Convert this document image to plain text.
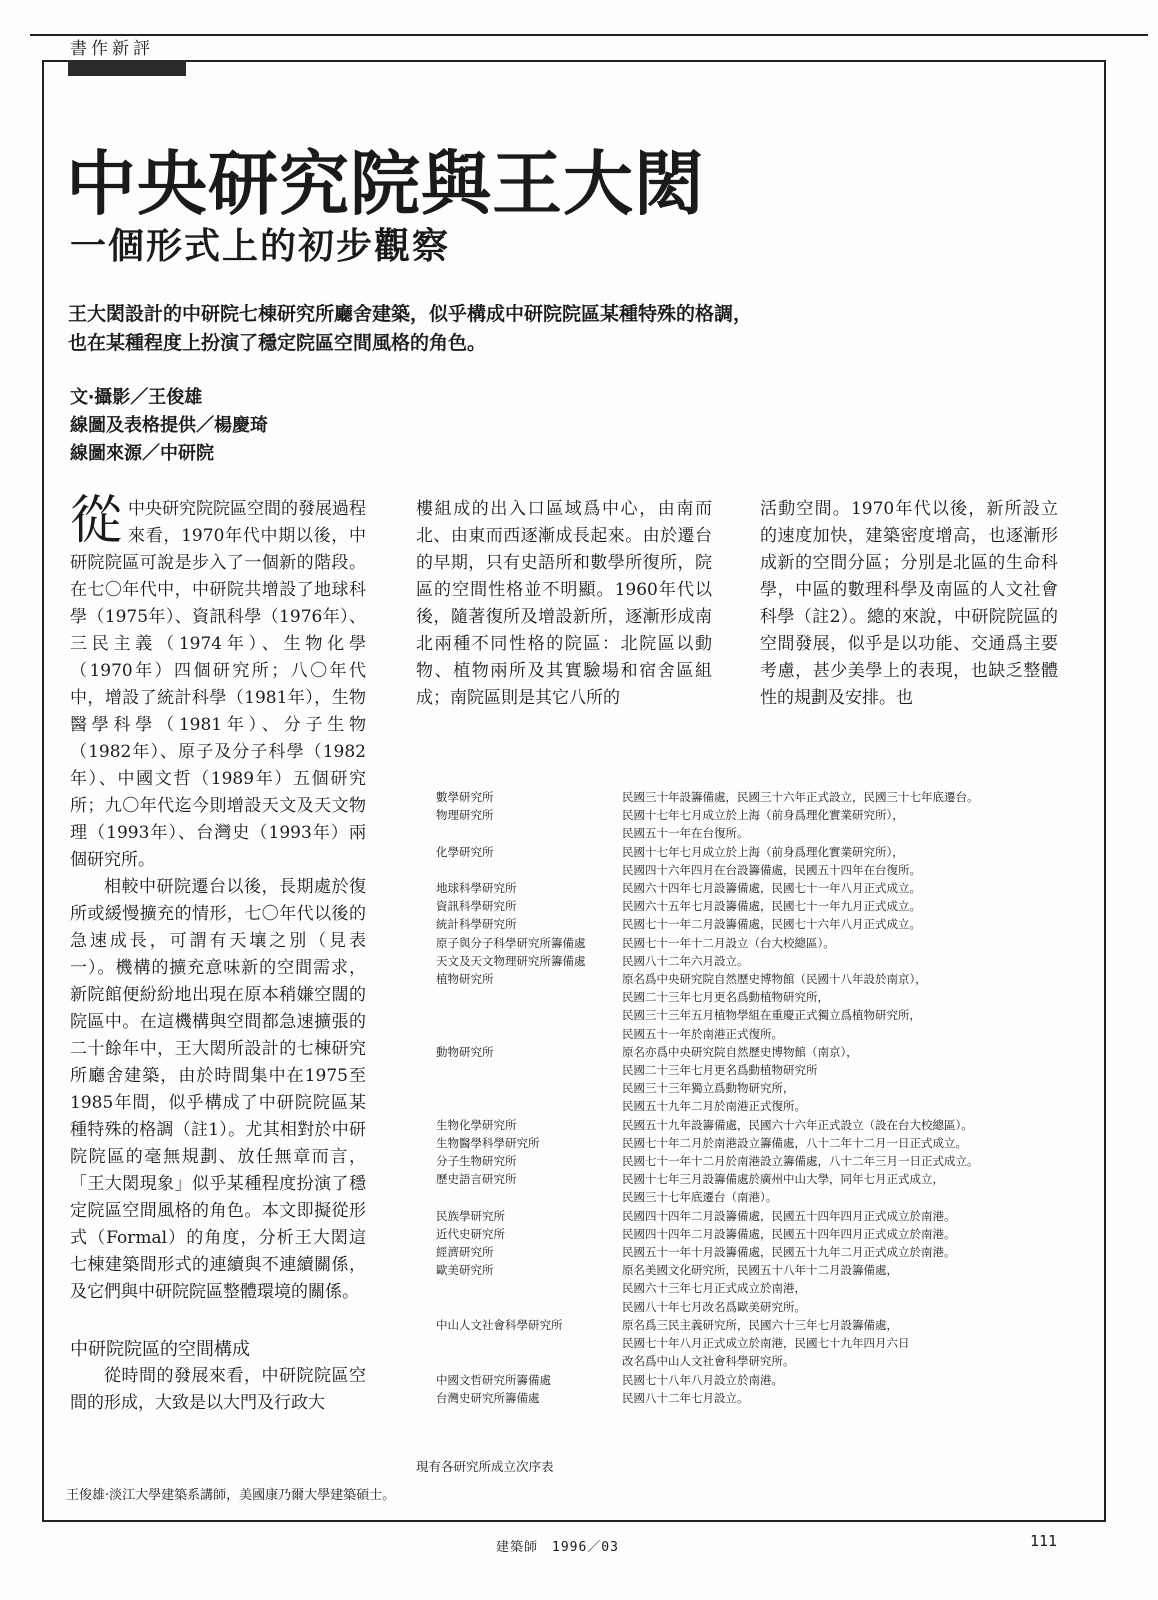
書作新評
中央研究院與王大閎
一個形式上的初步觀察
王大閎設計的中研院七棟研究所廳舍建築，似乎構成中研院院區某種特殊的格調，
也在某種程度上扮演了穩定院區空間風格的角色。
文‧攝影／王俊雄
線圖及表格提供／楊慶琦
線圖來源／中研院

從中央研究院院區空間的發展過程來看，1970年代中期以後，中研院院區可說是步入了一個新的階段。在七〇年代中，中研院共增設了地球科學（1975年）、資訊科學（1976年）、三民主義（1974年）、生物化學（1970年）四個研究所；八〇年代中，增設了統計科學（1981年），生物醫學科學（1981年）、分子生物（1982年）、原子及分子科學（1982年）、中國文哲（1989年）五個研究所；九〇年代迄今則增設天文及天文物理（1993年）、台灣史（1993年）兩個研究所。

相較中研院遷台以後，長期處於復所或緩慢擴充的情形，七〇年代以後的急速成長，可謂有天壤之別（見表一）。機構的擴充意味新的空間需求，新院館便紛紛地出現在原本稍嫌空闊的院區中。在這機構與空間都急速擴張的二十餘年中，王大閎所設計的七棟研究所廳舍建築，由於時間集中在1975至1985年間，似乎構成了中研院院區某種特殊的格調（註1）。尤其相對於中研院院區的毫無規劃、放任無章而言，「王大閎現象」似乎某種程度扮演了穩定院區空間風格的角色。本文即擬從形式（Formal）的角度，分析王大閎這七棟建築間形式的連續與不連續關係，及它們與中研院院區整體環境的關係。

中研院院區的空間構成

從時間的發展來看，中研院院區空間的形成，大致是以大門及行政大

樓組成的出入口區域爲中心，由南而北、由東而西逐漸成長起來。由於遷台的早期，只有史語所和數學所復所，院區的空間性格並不明顯。1960年代以後，隨著復所及增設新所，逐漸形成南北兩種不同性格的院區：北院區以動物、植物兩所及其實驗場和宿舍區組成；南院區則是其它八所的

活動空間。1970年代以後，新所設立的速度加快，建築密度增高，也逐漸形成新的空間分區；分別是北區的生命科學，中區的數理科學及南區的人文社會科學（註2）。總的來說，中研院院區的空間發展，似乎是以功能、交通爲主要考慮，甚少美學上的表現，也缺乏整體性的規劃及安排。也

數學研究所	民國三十年設籌備處，民國三十六年正式設立，民國三十七年底遷台。
物理研究所	民國十七年七月成立於上海（前身爲理化實業研究所），
民國五十一年在台復所。
化學研究所	民國十七年七月成立於上海（前身爲理化實業研究所），
民國四十六年四月在台設籌備處，民國五十四年在台復所。
地球科學研究所	民國六十四年七月設籌備處，民國七十一年八月正式成立。
資訊科學研究所	民國六十五年七月設籌備處，民國七十一年九月正式成立。
統計科學研究所	民國七十一年二月設籌備處，民國七十六年八月正式成立。
原子與分子科學研究所籌備處	民國七十一年十二月設立（台大校總區）。
天文及天文物理研究所籌備處	民國八十二年六月設立。
植物研究所	原名爲中央研究院自然歷史博物館（民國十八年設於南京），
民國二十三年七月更名爲動植物研究所，
民國三十三年五月植物學組在重慶正式獨立爲植物研究所，
民國五十一年於南港正式復所。
動物研究所	原名亦爲中央研究院自然歷史博物館（南京），
民國二十三年七月更名爲動植物研究所
民國三十三年獨立爲動物研究所，
民國五十九年二月於南港正式復所。
生物化學研究所	民國五十九年設籌備處，民國六十六年正式設立（設在台大校總區）。
生物醫學科學研究所	民國七十年二月於南港設立籌備處，八十二年十二月一日正式成立。
分子生物研究所	民國七十一年十二月於南港設立籌備處，八十二年三月一日正式成立。
歷史語言研究所	民國十七年三月設籌備處於廣州中山大學，同年七月正式成立，
民國三十七年底遷台（南港）。
民族學研究所	民國四十四年二月設籌備處，民國五十四年四月正式成立於南港。
近代史研究所	民國四十四年二月設籌備處，民國五十四年四月正式成立於南港。
經濟研究所	民國五十一年十月設籌備處，民國五十九年二月正式成立於南港。
歐美研究所	原名美國文化研究所，民國五十八年十二月設籌備處，
民國六十三年七月正式成立於南港，
民國八十年七月改名爲歐美研究所。
中山人文社會科學研究所	原名爲三民主義研究所，民國六十三年七月設籌備處，
民國七十年八月正式成立於南港，民國七十九年四月六日
改名爲中山人文社會科學研究所。
中國文哲研究所籌備處	民國七十八年八月設立於南港。
台灣史研究所籌備處	民國八十二年七月設立。
現有各研究所成立次序表
王俊雄‧淡江大學建築系講師，美國康乃爾大學建築碩士。
建築師　1996／03	111
